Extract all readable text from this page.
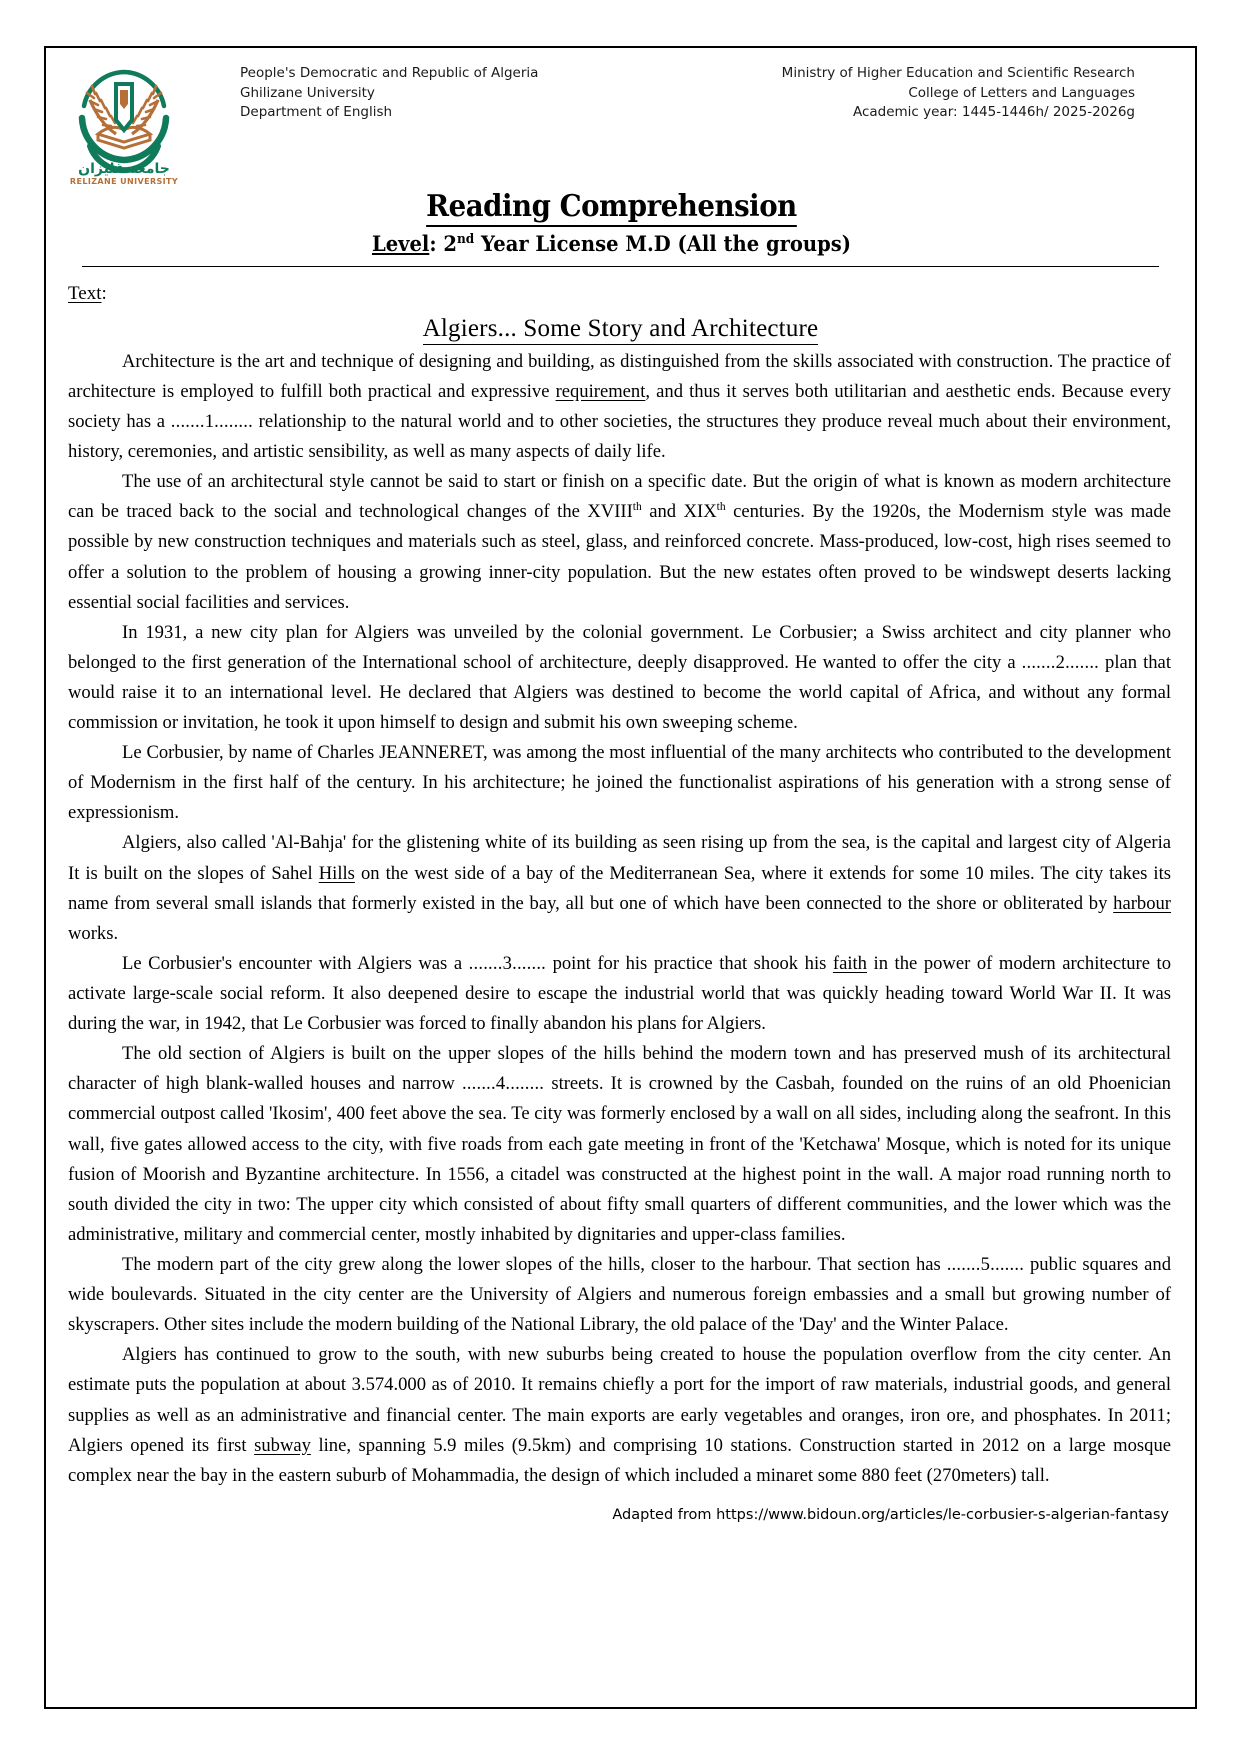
جامعة غليزان
RELIZANE UNIVERSITY
People's Democratic and Republic of Algeria
Ghilizane University
Department of English
Ministry of Higher Education and Scientific Research
College of Letters and Languages
Academic year: 1445-1446h/ 2025-2026g
Reading Comprehension
Level: 2nd Year License M.D (All the groups)
Text:
Algiers... Some Story and Architecture

Architecture is the art and technique of designing and building, as distinguished from the skills associated with construction. The practice of architecture is employed to fulfill both practical and expressive requirement, and thus it serves both utilitarian and aesthetic ends. Because every society has a .......1........ relationship to the natural world and to other societies, the structures they produce reveal much about their environment, history, ceremonies, and artistic sensibility, as well as many aspects of daily life.

The use of an architectural style cannot be said to start or finish on a specific date. But the origin of what is known as modern architecture can be traced back to the social and technological changes of the XVIIIth and XIXth centuries. By the 1920s, the Modernism style was made possible by new construction techniques and materials such as steel, glass, and reinforced concrete. Mass-produced, low-cost, high rises seemed to offer a solution to the problem of housing a growing inner-city population. But the new estates often proved to be windswept deserts lacking essential social facilities and services.

In 1931, a new city plan for Algiers was unveiled by the colonial government. Le Corbusier; a Swiss architect and city planner who belonged to the first generation of the International school of architecture, deeply disapproved. He wanted to offer the city a .......2....... plan that would raise it to an international level. He declared that Algiers was destined to become the world capital of Africa, and without any formal commission or invitation, he took it upon himself to design and submit his own sweeping scheme.

Le Corbusier, by name of Charles JEANNERET, was among the most influential of the many architects who contributed to the development of Modernism in the first half of the century. In his architecture; he joined the functionalist aspirations of his generation with a strong sense of expressionism.

Algiers, also called 'Al-Bahja' for the glistening white of its building as seen rising up from the sea, is the capital and largest city of Algeria It is built on the slopes of Sahel Hills on the west side of a bay of the Mediterranean Sea, where it extends for some 10 miles. The city takes its name from several small islands that formerly existed in the bay, all but one of which have been connected to the shore or obliterated by harbour works.

Le Corbusier's encounter with Algiers was a .......3....... point for his practice that shook his faith in the power of modern architecture to activate large-scale social reform. It also deepened desire to escape the industrial world that was quickly heading toward World War II. It was during the war, in 1942, that Le Corbusier was forced to finally abandon his plans for Algiers.

The old section of Algiers is built on the upper slopes of the hills behind the modern town and has preserved mush of its architectural character of high blank-walled houses and narrow .......4........ streets. It is crowned by the Casbah, founded on the ruins of an old Phoenician commercial outpost called 'Ikosim', 400 feet above the sea. Te city was formerly enclosed by a wall on all sides, including along the seafront. In this wall, five gates allowed access to the city, with five roads from each gate meeting in front of the 'Ketchawa' Mosque, which is noted for its unique fusion of Moorish and Byzantine architecture. In 1556, a citadel was constructed at the highest point in the wall. A major road running north to south divided the city in two: The upper city which consisted of about fifty small quarters of different communities, and the lower which was the administrative, military and commercial center, mostly inhabited by dignitaries and upper-class families.

The modern part of the city grew along the lower slopes of the hills, closer to the harbour. That section has .......5....... public squares and wide boulevards. Situated in the city center are the University of Algiers and numerous foreign embassies and a small but growing number of skyscrapers. Other sites include the modern building of the National Library, the old palace of the 'Day' and the Winter Palace.

Algiers has continued to grow to the south, with new suburbs being created to house the population overflow from the city center. An estimate puts the population at about 3.574.000 as of 2010. It remains chiefly a port for the import of raw materials, industrial goods, and general supplies as well as an administrative and financial center. The main exports are early vegetables and oranges, iron ore, and phosphates. In 2011; Algiers opened its first subway line, spanning 5.9 miles (9.5km) and comprising 10 stations. Construction started in 2012 on a large mosque complex near the bay in the eastern suburb of Mohammadia, the design of which included a minaret some 880 feet (270meters) tall.

Adapted from https://www.bidoun.org/articles/le-corbusier-s-algerian-fantasy
